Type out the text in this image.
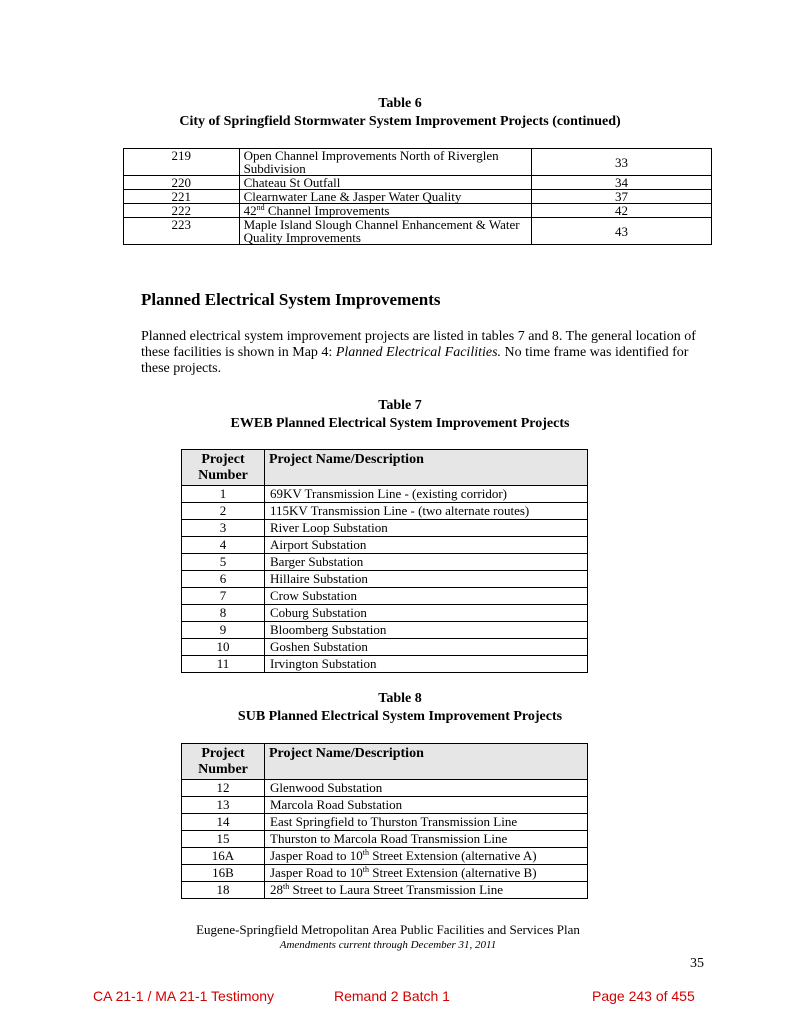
Table 6
City of Springfield Stormwater System Improvement Projects (continued)
219	Open Channel Improvements North of Riverglen Subdivision	33
220	Chateau St Outfall	34
221	Clearnwater Lane & Jasper Water Quality	37
222	42nd Channel Improvements	42
223	Maple Island Slough Channel Enhancement & Water Quality Improvements	43
Planned Electrical System Improvements
Planned electrical system improvement projects are listed in tables 7 and 8. The general location of these facilities is shown in Map 4: Planned Electrical Facilities. No time frame was identified for these projects.
Table 7
EWEB Planned Electrical System Improvement Projects
Project Number	Project Name/Description
1	69KV Transmission Line - (existing corridor)
2	115KV Transmission Line - (two alternate routes)
3	River Loop Substation
4	Airport Substation
5	Barger Substation
6	Hillaire Substation
7	Crow Substation
8	Coburg Substation
9	Bloomberg Substation
10	Goshen Substation
11	Irvington Substation
Table 8
SUB Planned Electrical System Improvement Projects
Project Number	Project Name/Description
12	Glenwood Substation
13	Marcola Road Substation
14	East Springfield to Thurston Transmission Line
15	Thurston to Marcola Road Transmission Line
16A	Jasper Road to 10th Street Extension (alternative A)
16B	Jasper Road to 10th Street Extension (alternative B)
18	28th Street to Laura Street Transmission Line
Eugene-Springfield Metropolitan Area Public Facilities and Services Plan
Amendments current through December 31, 2011
35
CA 21-1 / MA 21-1 Testimony	Remand 2 Batch 1	Page 243 of 455
